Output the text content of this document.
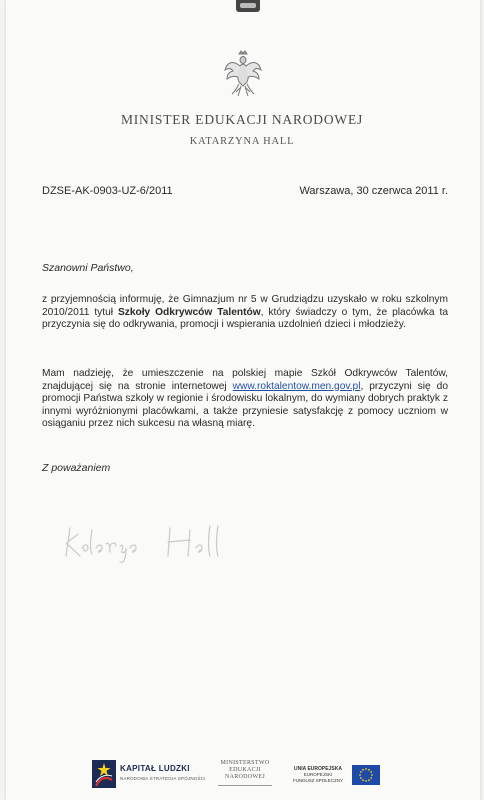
MINISTER EDUKACJI NARODOWEJ
KATARZYNA HALL
DZSE-AK-0903-UZ-6/2011	Warszawa, 30 czerwca 2011 r.
Szanowni Państwo,

z przyjemnością informuję, że Gimnazjum nr 5 w Grudziądzu uzyskało w roku szkolnym 2010/2011 tytuł Szkoły Odkrywców Talentów, który świadczy o tym, że placówka ta przyczynia się do odkrywania, promocji i wspierania uzdolnień dzieci i młodzieży.

Mam nadzieję, że umieszczenie na polskiej mapie Szkół Odkrywców Talentów, znajdującej się na stronie internetowej www.roktalentow.men.gov.pl, przyczyni się do promocji Państwa szkoły w regionie i środowisku lokalnym, do wymiany dobrych praktyk z innymi wyróżnionymi placówkami, a także przyniesie satysfakcję z pomocy uczniom w osiąganiu przez nich sukcesu na własną miarę.

Z poważaniem
KAPITAŁ LUDZKI
NARODOWA STRATEGIA SPÓJNOŚCI
MINISTERSTWO
EDUKACJI
NARODOWEJ
UNIA EUROPEJSKA
EUROPEJSKI
FUNDUSZ SPOŁECZNY
